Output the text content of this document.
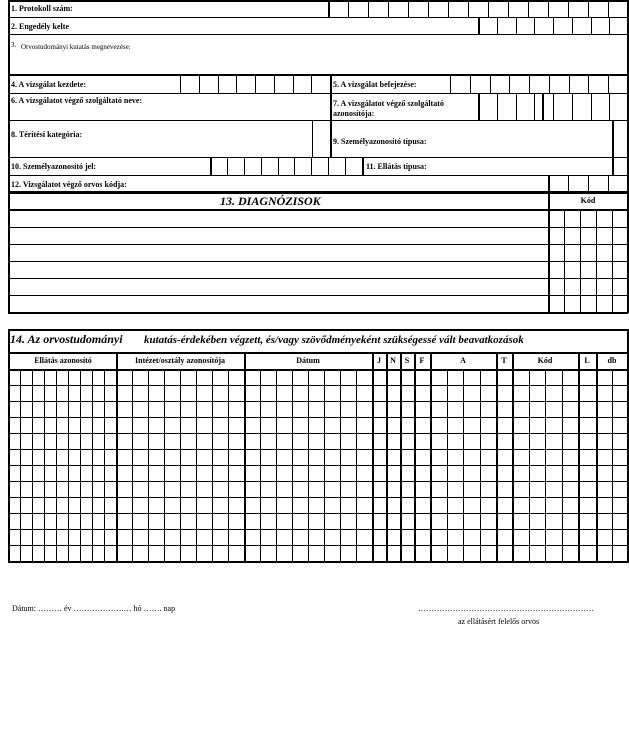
1. Protokoll szám:
2. Engedély kelte
3. Orvostudományi kutatás megnevezése:
4. A vizsgálat kezdete:	5. A vizsgálat befejezése:
6. A vizsgálatot végző szolgáltató neve:	7. A vizsgálatot végző szolgáltató azonosítója:
8. Térítési kategória:
9. Személyazonosító típusa:
10. Személyazonosító jel:	11. Ellátás típusa:
12. Vizsgálatot végző orvos kódja:
13. DIAGNÓZISOK	Kód
14. Az orvostudományi kutatás-érdekében végzett, és/vagy szövődményeként szükségessé vált beavatkozások
Ellátás azonosító	Intézet/osztály azonosítója	Dátum	J	N	S	F	A	T	Kód	L	db
Dátum: ……… év ……………….… hó ……. nap	…………………………………………………………
az ellátásért felelős orvos
